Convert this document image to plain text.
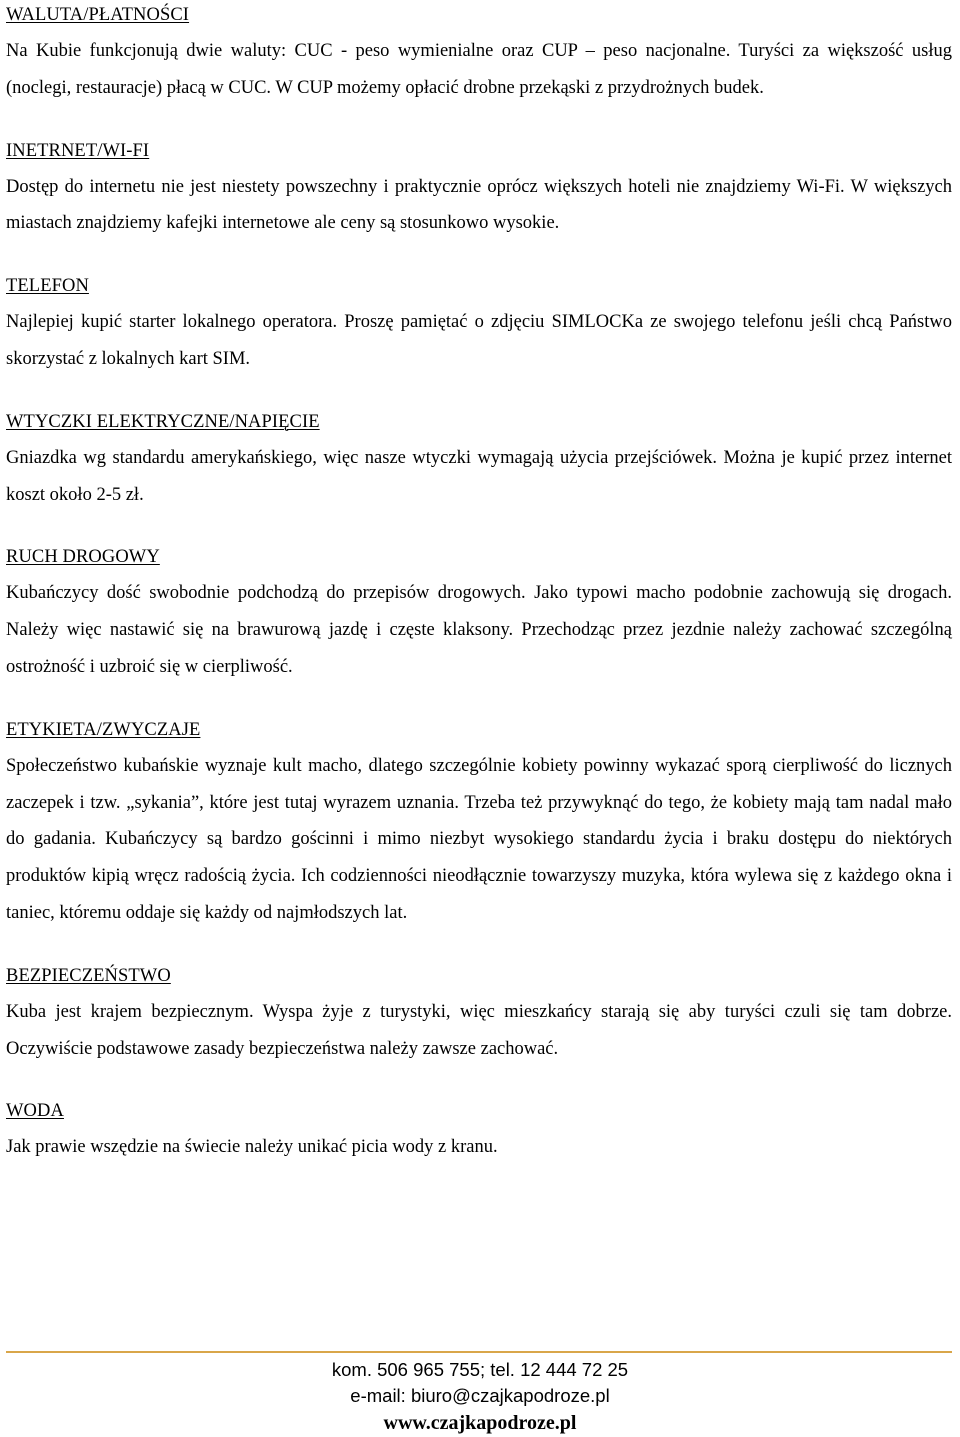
WALUTA/PŁATNOŚCI

Na Kubie funkcjonują dwie waluty: CUC - peso wymienialne oraz CUP – peso nacjonalne. Turyści za większość usług (noclegi, restauracje) płacą w CUC. W CUP możemy opłacić drobne przekąski z przydrożnych budek.

INETRNET/WI-FI

Dostęp do internetu nie jest niestety powszechny i praktycznie oprócz większych hoteli nie znajdziemy Wi-Fi. W większych miastach znajdziemy kafejki internetowe ale ceny są stosunkowo wysokie.

TELEFON

Najlepiej kupić starter lokalnego operatora. Proszę pamiętać o zdjęciu SIMLOCKa ze swojego telefonu jeśli chcą Państwo skorzystać z lokalnych kart SIM.

WTYCZKI ELEKTRYCZNE/NAPIĘCIE

Gniazdka wg standardu amerykańskiego, więc nasze wtyczki wymagają użycia przejściówek. Można je kupić przez internet koszt około 2-5 zł.

RUCH DROGOWY

Kubańczycy dość swobodnie podchodzą do przepisów drogowych. Jako typowi macho podobnie zachowują się drogach. Należy więc nastawić się na brawurową jazdę i częste klaksony. Przechodząc przez jezdnie należy zachować szczególną ostrożność i uzbroić się w cierpliwość.

ETYKIETA/ZWYCZAJE

Społeczeństwo kubańskie wyznaje kult macho, dlatego szczególnie kobiety powinny wykazać sporą cierpliwość do licznych zaczepek i tzw. „sykania”, które jest tutaj wyrazem uznania. Trzeba też przywyknąć do tego, że kobiety mają tam nadal mało do gadania. Kubańczycy są bardzo gościnni i mimo niezbyt wysokiego standardu życia i braku dostępu do niektórych produktów kipią wręcz radością życia. Ich codzienności nieodłącznie towarzyszy muzyka, która wylewa się z każdego okna i taniec, któremu oddaje się każdy od najmłodszych lat.

BEZPIECZEŃSTWO

Kuba jest krajem bezpiecznym. Wyspa żyje z turystyki, więc mieszkańcy starają się aby turyści czuli się tam dobrze. Oczywiście podstawowe zasady bezpieczeństwa należy zawsze zachować.

WODA

Jak prawie wszędzie na świecie należy unikać picia wody z kranu.

kom. 506 965 755; tel. 12 444 72 25
e-mail: biuro@czajkapodroze.pl
www.czajkapodroze.pl
